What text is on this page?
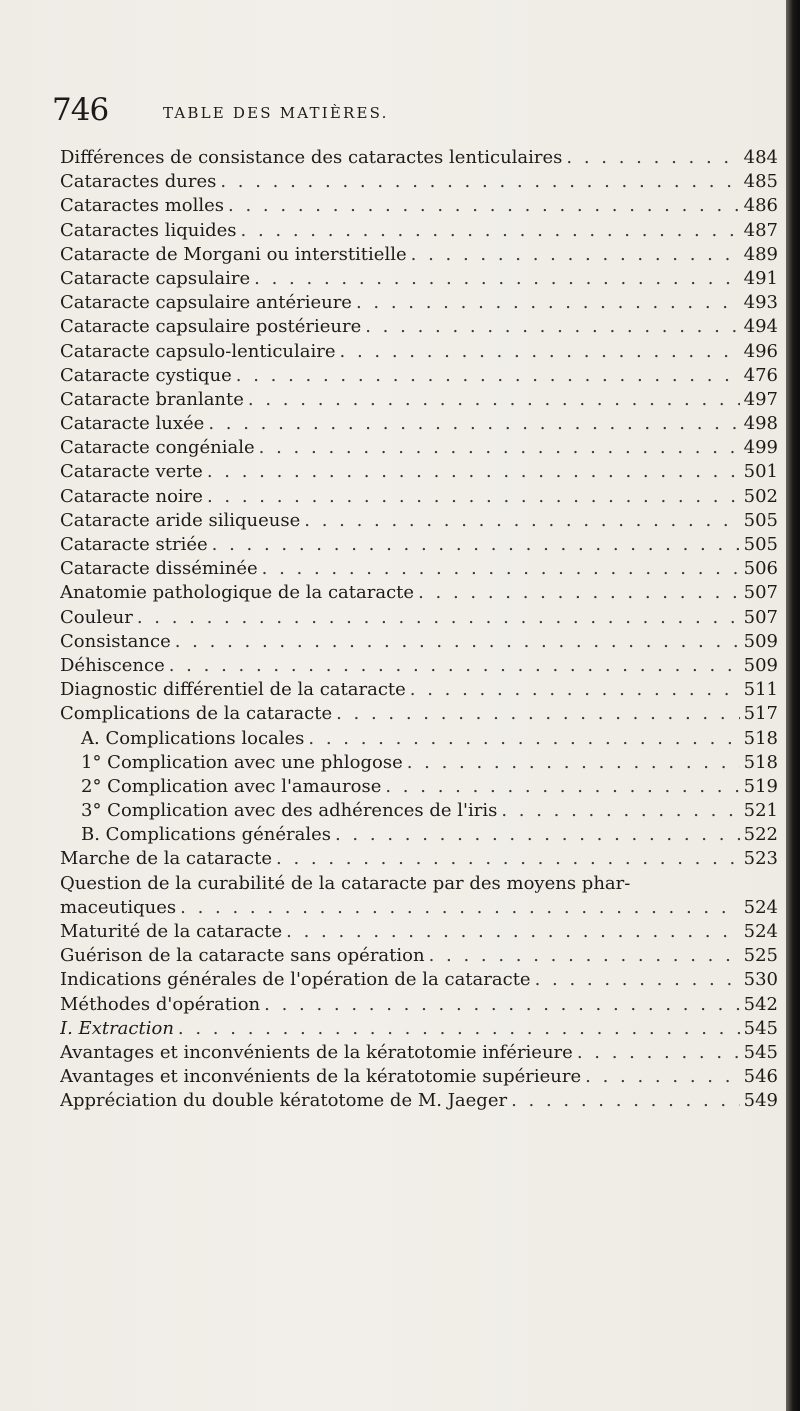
746	TABLE DES MATIÈRES.
Différences de consistance des cataractes lenticulaires . . .	484
Cataractes dures . . .	485
Cataractes molles . . .	486
Cataractes liquides . . .	487
Cataracte de Morgani ou interstitielle . . .	489
Cataracte capsulaire . . .	491
Cataracte capsulaire antérieure . . .	493
Cataracte capsulaire postérieure . . .	494
Cataracte capsulo-lenticulaire . . .	496
Cataracte cystique . . .	476
Cataracte branlante . . .	497
Cataracte luxée . . .	498
Cataracte congéniale . . .	499
Cataracte verte . . .	501
Cataracte noire . . .	502
Cataracte aride siliqueuse . . .	505
Cataracte striée . . .	505
Cataracte disséminée . . .	506
Anatomie pathologique de la cataracte . . .	507
Couleur . . .	507
Consistance . . .	509
Déhiscence . . .	509
Diagnostic différentiel de la cataracte . . .	511
Complications de la cataracte . . .	517
A. Complications locales . . .	518
1° Complication avec une phlogose . . .	518
2° Complication avec l'amaurose . . .	519
3° Complication avec des adhérences de l'iris . . .	521
B. Complications générales . . .	522
Marche de la cataracte . . .	523
Question de la curabilité de la cataracte par des moyens phar-
maceutiques . . .	524
Maturité de la cataracte . . .	524
Guérison de la cataracte sans opération . . .	525
Indications générales de l'opération de la cataracte . . .	530
Méthodes d'opération . . .	542
I. Extraction . . .	545
Avantages et inconvénients de la kératotomie inférieure . . .	545
Avantages et inconvénients de la kératotomie supérieure . . .	546
Appréciation du double kératotome de M. Jaeger . . .	549
